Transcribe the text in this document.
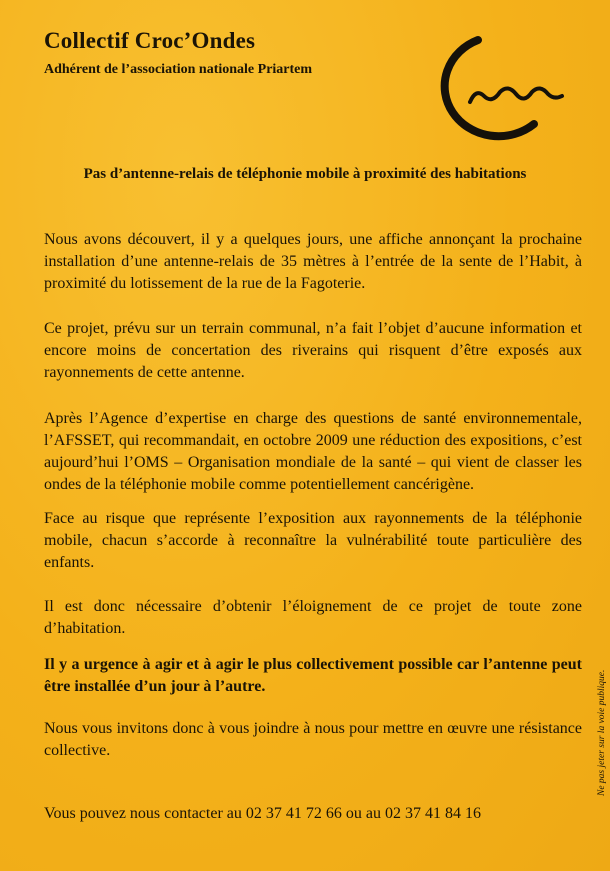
Collectif Croc’Ondes
Adhérent de l’association nationale Priartem
Pas d’antenne-relais de téléphonie mobile à proximité des habitations

Nous avons découvert, il y a quelques jours, une affiche annonçant la prochaine installation d’une antenne-relais de 35 mètres à l’entrée de la sente de l’Habit, à proximité du lotissement de la rue de la Fagoterie.

Ce projet, prévu sur un terrain communal, n’a fait l’objet d’aucune information et encore moins de concertation des riverains qui risquent d’être exposés aux rayonnements de cette antenne.

Après l’Agence d’expertise en charge des questions de santé environnementale, l’AFSSET, qui recommandait, en octobre 2009 une réduction des expositions, c’est aujourd’hui l’OMS – Organisation mondiale de la santé – qui vient de classer les ondes de la téléphonie mobile comme potentiellement cancérigène.

Face au risque que représente l’exposition aux rayonnements de la téléphonie mobile, chacun s’accorde à reconnaître la vulnérabilité toute particulière des enfants.

Il est donc nécessaire d’obtenir l’éloignement de ce projet de toute zone d’habitation.

Il y a urgence à agir et à agir le plus collectivement possible car l’antenne peut être installée d’un jour à l’autre.

Nous vous invitons donc à vous joindre à nous pour mettre en œuvre une résistance collective.

Vous pouvez nous contacter au 02 37 41 72 66 ou au 02 37 41 84 16

Ne pas jeter sur la voie publique.
